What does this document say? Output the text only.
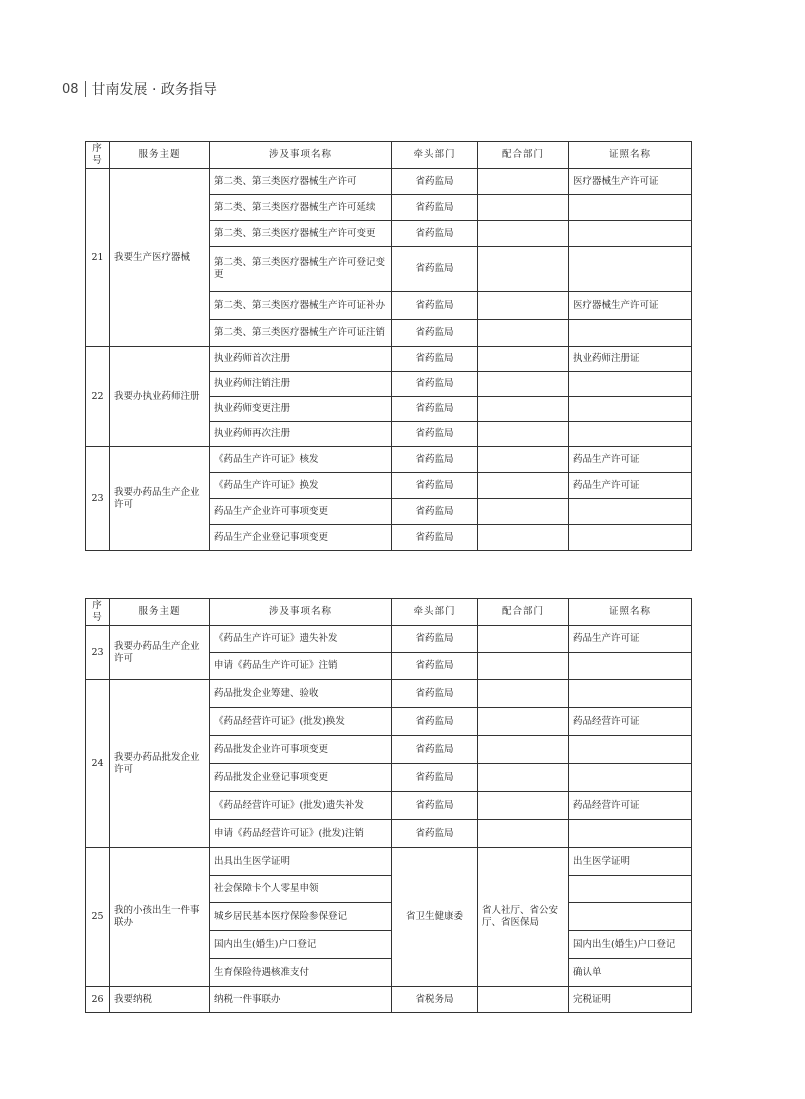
08 甘南发展 · 政务指导
序号	服务主题	涉及事项名称	牵头部门	配合部门	证照名称
21	我要生产医疗器械	第二类、第三类医疗器械生产许可	省药监局		医疗器械生产许可证
		第二类、第三类医疗器械生产许可延续	省药监局		
		第二类、第三类医疗器械生产许可变更	省药监局		
		第二类、第三类医疗器械生产许可登记变更	省药监局		
		第二类、第三类医疗器械生产许可证补办	省药监局		医疗器械生产许可证
		第二类、第三类医疗器械生产许可证注销	省药监局		
22	我要办执业药师注册	执业药师首次注册	省药监局		执业药师注册证
		执业药师注销注册	省药监局		
		执业药师变更注册	省药监局		
		执业药师再次注册	省药监局		
23	我要办药品生产企业许可	《药品生产许可证》核发	省药监局		药品生产许可证
		《药品生产许可证》换发	省药监局		药品生产许可证
		药品生产企业许可事项变更	省药监局		
		药品生产企业登记事项变更	省药监局		
序号	服务主题	涉及事项名称	牵头部门	配合部门	证照名称
23	我要办药品生产企业许可	《药品生产许可证》遗失补发	省药监局		药品生产许可证
		申请《药品生产许可证》注销	省药监局		
24	我要办药品批发企业许可	药品批发企业筹建、验收	省药监局		
		《药品经营许可证》(批发)换发	省药监局		药品经营许可证
		药品批发企业许可事项变更	省药监局		
		药品批发企业登记事项变更	省药监局		
		《药品经营许可证》(批发)遗失补发	省药监局		药品经营许可证
		申请《药品经营许可证》(批发)注销	省药监局		
25	我的小孩出生一件事联办	出具出生医学证明	省卫生健康委	省人社厅、省公安厅、省医保局	出生医学证明
		社会保障卡个人零星申领			
		城乡居民基本医疗保险参保登记			
		国内出生(婚生)户口登记			国内出生(婚生)户口登记
		生育保险待遇核准支付			确认单
26	我要纳税	纳税一件事联办	省税务局		完税证明
